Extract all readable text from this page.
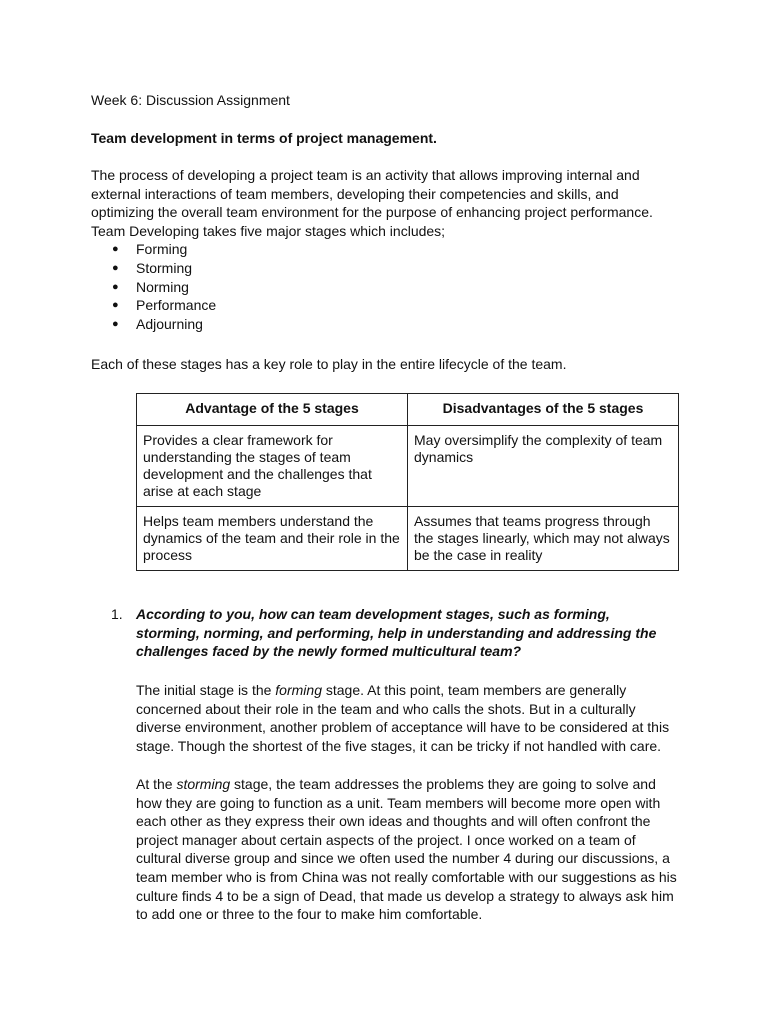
Week 6: Discussion Assignment

Team development in terms of project management.

The process of developing a project team is an activity that allows improving internal and external interactions of team members, developing their competencies and skills, and optimizing the overall team environment for the purpose of enhancing project performance. Team Developing takes five major stages which includes;

● Forming
● Storming
● Norming
● Performance
● Adjourning

Each of these stages has a key role to play in the entire lifecycle of the team.

Advantage of the 5 stages	Disadvantages of the 5 stages
Provides a clear framework for understanding the stages of team development and the challenges that arise at each stage	May oversimplify the complexity of team dynamics
Helps team members understand the dynamics of the team and their role in the process	Assumes that teams progress through the stages linearly, which may not always be the case in reality
1. According to you, how can team development stages, such as forming, storming, norming, and performing, help in understanding and addressing the challenges faced by the newly formed multicultural team?

The initial stage is the forming stage. At this point, team members are generally concerned about their role in the team and who calls the shots. But in a culturally diverse environment, another problem of acceptance will have to be considered at this stage. Though the shortest of the five stages, it can be tricky if not handled with care.

At the storming stage, the team addresses the problems they are going to solve and how they are going to function as a unit. Team members will become more open with each other as they express their own ideas and thoughts and will often confront the project manager about certain aspects of the project. I once worked on a team of cultural diverse group and since we often used the number 4 during our discussions, a team member who is from China was not really comfortable with our suggestions as his culture finds 4 to be a sign of Dead, that made us develop a strategy to always ask him to add one or three to the four to make him comfortable.
